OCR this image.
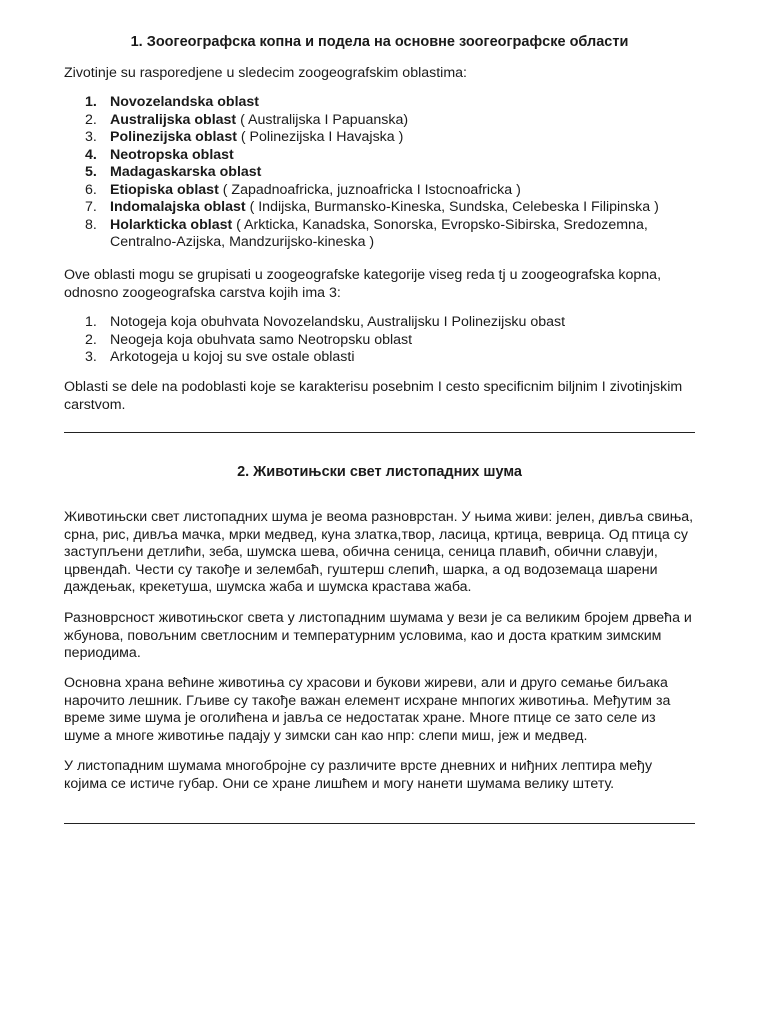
1. Зоогеографска копна и подела на основне зоогеографске области

Zivotinje su rasporedjene u sledecim zoogeografskim oblastima:

1. Novozelandska oblast
2. Australijska oblast ( Australijska I Papuanska)
3. Polinezijska oblast ( Polinezijska I Havajska )
4. Neotropska oblast
5. Madagaskarska oblast
6. Etiopiska oblast ( Zapadnoafricka, juznoafricka I Istocnoafricka )
7. Indomalajska oblast ( Indijska, Burmansko-Kineska, Sundska, Celebeska I Filipinska )
8. Holarkticka oblast ( Arkticka, Kanadska, Sonorska, Evropsko-Sibirska, Sredozemna, Centralno-Azijska, Mandzurijsko-kineska )

Ove oblasti mogu se grupisati u zoogeografske kategorije viseg reda tj u zoogeografska kopna, odnosno zoogeografska carstva kojih ima 3:

1. Notogeja koja obuhvata Novozelandsku, Australijsku I Polinezijsku obast
2. Neogeja koja obuhvata samo Neotropsku oblast
3. Arkotogeja u kojoj su sve ostale oblasti

Oblasti se dele na podoblasti koje se karakterisu posebnim I cesto specificnim biljnim I zivotinjskim carstvom.

2. Животињски свет листопадних шума

Животињски свет листопадних шума је веома разноврстан. У њима живи: јелен, дивља свиња, срна, рис, дивља мачка, мрки медвед, куна златка,твор, ласица, кртица, веврица. Од птица су заступљени детлићи, зеба, шумска шева, обична сеница, сеница плавић, обични славуји, црвендаћ. Чести су такође и зелембаћ, гуштерш слепић, шарка, а од водоземаца шарени даждењак, крекетуша, шумска жаба и шумска крастава жаба.

Разноврсност животињског света у листопадним шумама у вези је са великим бројем дрвећа и жбунова, повољним светлосним и температурним условима, као и доста кратким зимским периодима.

Основна храна већине животиња су храсови и букови жиреви, али и друго семање биљака нарочито лешник. Гљиве су такође важан елемент исхране мнпогих животиња. Међутим за време зиме шума је оголићена и јавља се недостатак хране. Многе птице се зато селе из шуме а многе животиње падају у зимски сан као нпр: слепи миш, јеж и медвед.

У листопадним шумама многобројне су различите врсте дневних и ниђних лептира међу којима се истиче губар. Они се хране лишћем и могу нанети шумама велику штету.
